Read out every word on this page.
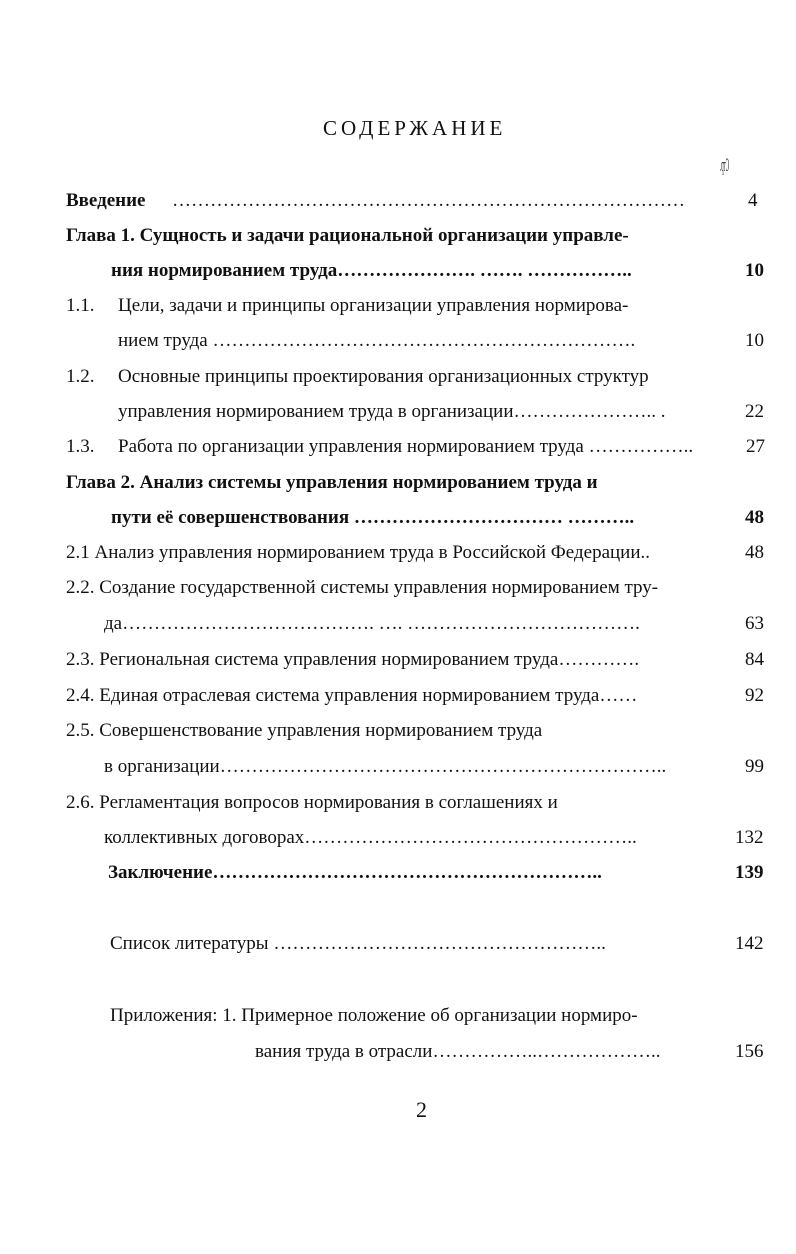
СОДЕРЖАНИЕ
Стр.
Введение ………………………………………………………………………	4
Глава 1. Сущность и задачи рациональной организации управле-
ния нормированием труда…………………. ……. ……………..	10
1.1. Цели, задачи и принципы организации управления нормирова-
нием труда ………………………………………………………….	10
1.2. Основные принципы проектирования организационных структур
управления нормированием труда в организации………………….. .	22
1.3. Работа по организации управления нормированием труда ……………..	27
Глава 2. Анализ системы управления нормированием труда и
пути её совершенствования …………………………… ………..	48
2.1 Анализ управления нормированием труда в Российской Федерации..	48
2.2. Создание государственной системы управления нормированием тру-
да…………………………………. …. ……………………………….	63
2.3. Региональная система управления нормированием труда………….	84
2.4. Единая отраслевая система управления нормированием труда……	92
2.5. Совершенствование управления нормированием труда
в организации……………………………………………………………..	99
2.6. Регламентация вопросов нормирования в соглашениях и
коллективных договорах……………………………………………..	132
Заключение……………………………………………………..	139
Список литературы ……………………………………………..	142
Приложения: 1. Примерное положение об организации нормиро-
вания труда в отрасли……………..………………..	156
2
